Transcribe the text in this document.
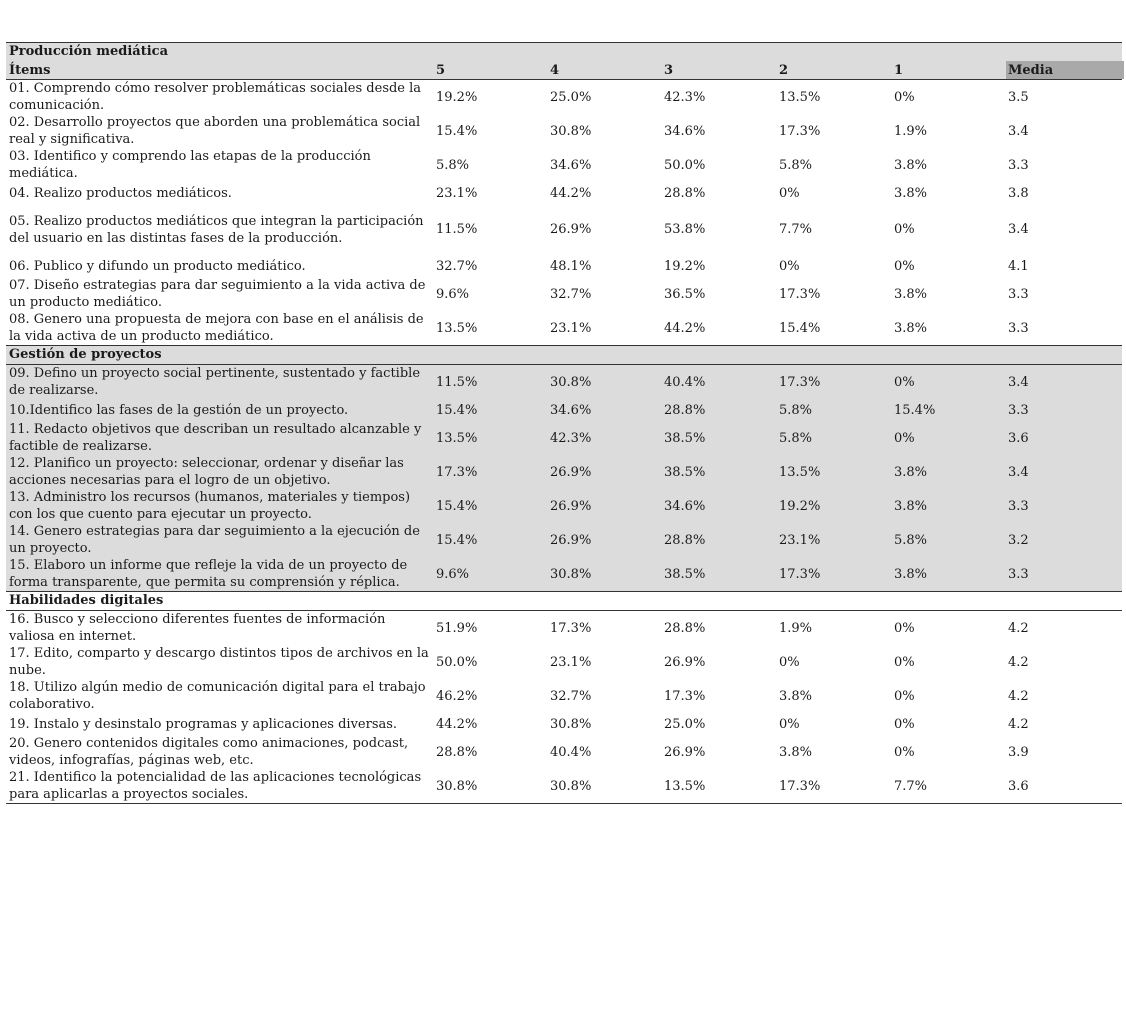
Producción mediática
Ítems	5	4	3	2	1	Media
01. Comprendo cómo resolver problemáticas sociales desde la comunicación.
19.2%	25.0%	42.3%	13.5%	0%	3.5
02. Desarrollo proyectos que aborden una problemática social real y significativa.
15.4%	30.8%	34.6%	17.3%	1.9%	3.4
03. Identifico y comprendo las etapas de la producción mediática.
5.8%	34.6%	50.0%	5.8%	3.8%	3.3
04. Realizo productos mediáticos.	23.1%	44.2%	28.8%	0%	3.8%	3.8
05. Realizo productos mediáticos que integran la participación del usuario en las distintas fases de la producción.
11.5%	26.9%	53.8%	7.7%	0%	3.4
06. Publico y difundo un producto mediático.	32.7%	48.1%	19.2%	0%	0%	4.1
07. Diseño estrategias para dar seguimiento a la vida activa de un producto mediático.
9.6%	32.7%	36.5%	17.3%	3.8%	3.3
08. Genero una propuesta de mejora con base en el análisis de la vida activa de un producto mediático.
13.5%	23.1%	44.2%	15.4%	3.8%	3.3
Gestión de proyectos
09. Defino un proyecto social pertinente, sustentado y factible de realizarse.
11.5%	30.8%	40.4%	17.3%	0%	3.4
10.Identifico las fases de la gestión de un proyecto.	15.4%	34.6%	28.8%	5.8%	15.4%	3.3
11. Redacto objetivos que describan un resultado alcanzable y factible de realizarse.
13.5%	42.3%	38.5%	5.8%	0%	3.6
12. Planifico un proyecto: seleccionar, ordenar y diseñar las acciones necesarias para el logro de un objetivo.
17.3%	26.9%	38.5%	13.5%	3.8%	3.4
13. Administro los recursos (humanos, materiales y tiempos) con los que cuento para ejecutar un proyecto.
15.4%	26.9%	34.6%	19.2%	3.8%	3.3
14. Genero estrategias para dar seguimiento a la ejecución de un proyecto.
15.4%	26.9%	28.8%	23.1%	5.8%	3.2
15. Elaboro un informe que refleje la vida de un proyecto de forma transparente, que permita su comprensión y réplica.
9.6%	30.8%	38.5%	17.3%	3.8%	3.3
Habilidades digitales
16. Busco y selecciono diferentes fuentes de información valiosa en internet.
51.9%	17.3%	28.8%	1.9%	0%	4.2
17. Edito, comparto y descargo distintos tipos de archivos en la nube.
50.0%	23.1%	26.9%	0%	0%	4.2
18. Utilizo algún medio de comunicación digital para el trabajo colaborativo.
46.2%	32.7%	17.3%	3.8%	0%	4.2
19. Instalo y desinstalo programas y aplicaciones diversas.	44.2%	30.8%	25.0%	0%	0%	4.2
20. Genero contenidos digitales como animaciones, podcast, videos, infografías, páginas web, etc.
28.8%	40.4%	26.9%	3.8%	0%	3.9
21. Identifico la potencialidad de las aplicaciones tecnológicas para aplicarlas a proyectos sociales.
30.8%	30.8%	13.5%	17.3%	7.7%	3.6
